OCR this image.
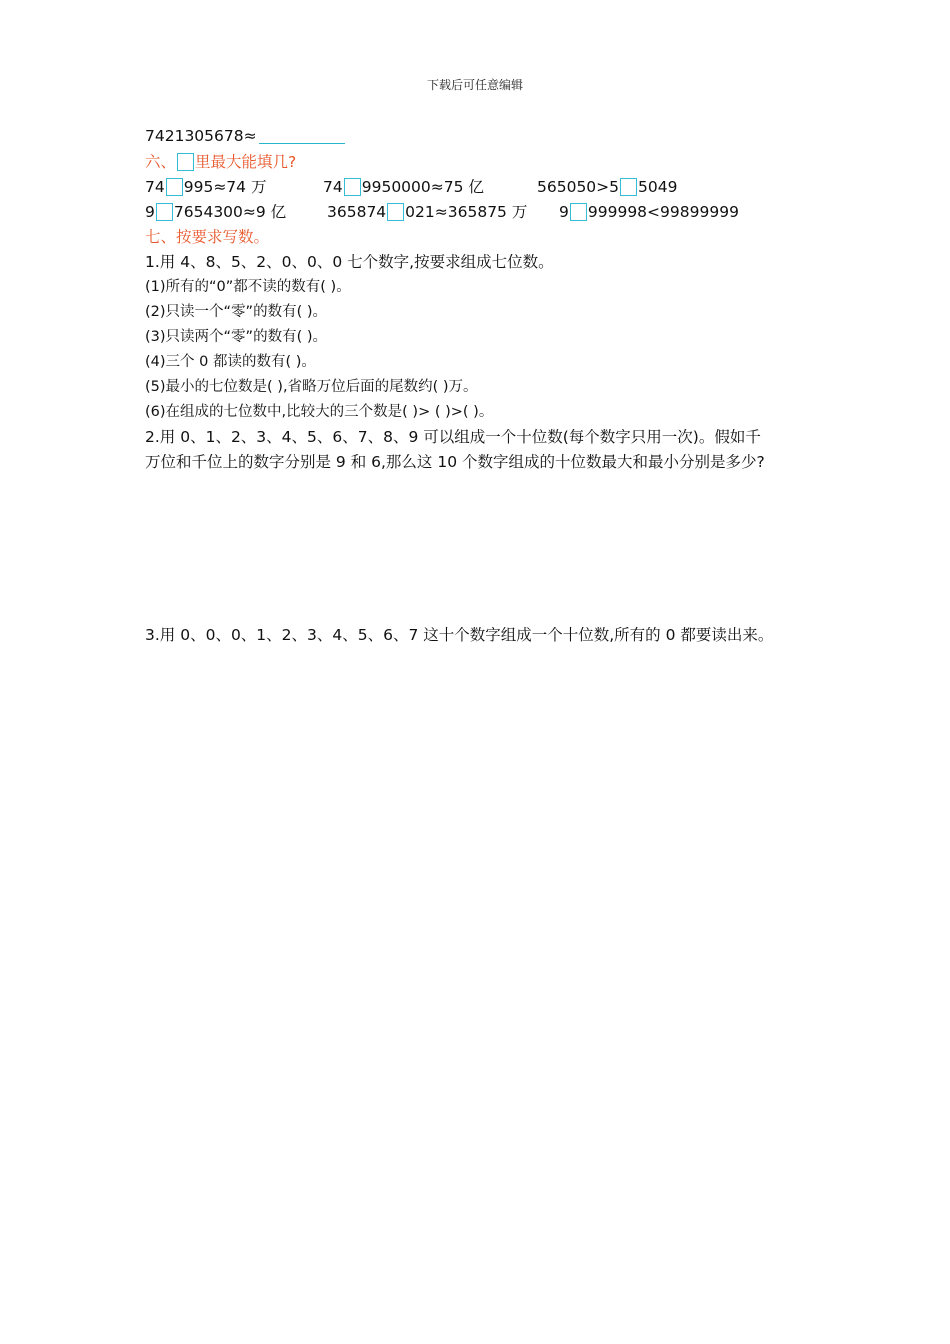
下载后可任意编辑
7421305678≈
六、 里最大能填几?
74 995≈74 万	74 9950000≈75 亿	565050>5 5049
9 7654300≈9 亿	365874 021≈365875 万 9 999998<99899999
七、按要求写数。
1.用 4、8、5、2、0、0、0 七个数字,按要求组成七位数。
(1)所有的“0”都不读的数有( )。
(2)只读一个“零”的数有( )。
(3)只读两个“零”的数有( )。
(4)三个 0 都读的数有( )。
(5)最小的七位数是( ),省略万位后面的尾数约( )万。
(6)在组成的七位数中,比较大的三个数是( )> ( )>( )。
2.用 0、1、2、3、4、5、6、7、8、9 可以组成一个十位数(每个数字只用一次)。假如千
万位和千位上的数字分别是 9 和 6,那么这 10 个数字组成的十位数最大和最小分别是多少?
3.用 0、0、0、1、2、3、4、5、6、7 这十个数字组成一个十位数,所有的 0 都要读出来。
